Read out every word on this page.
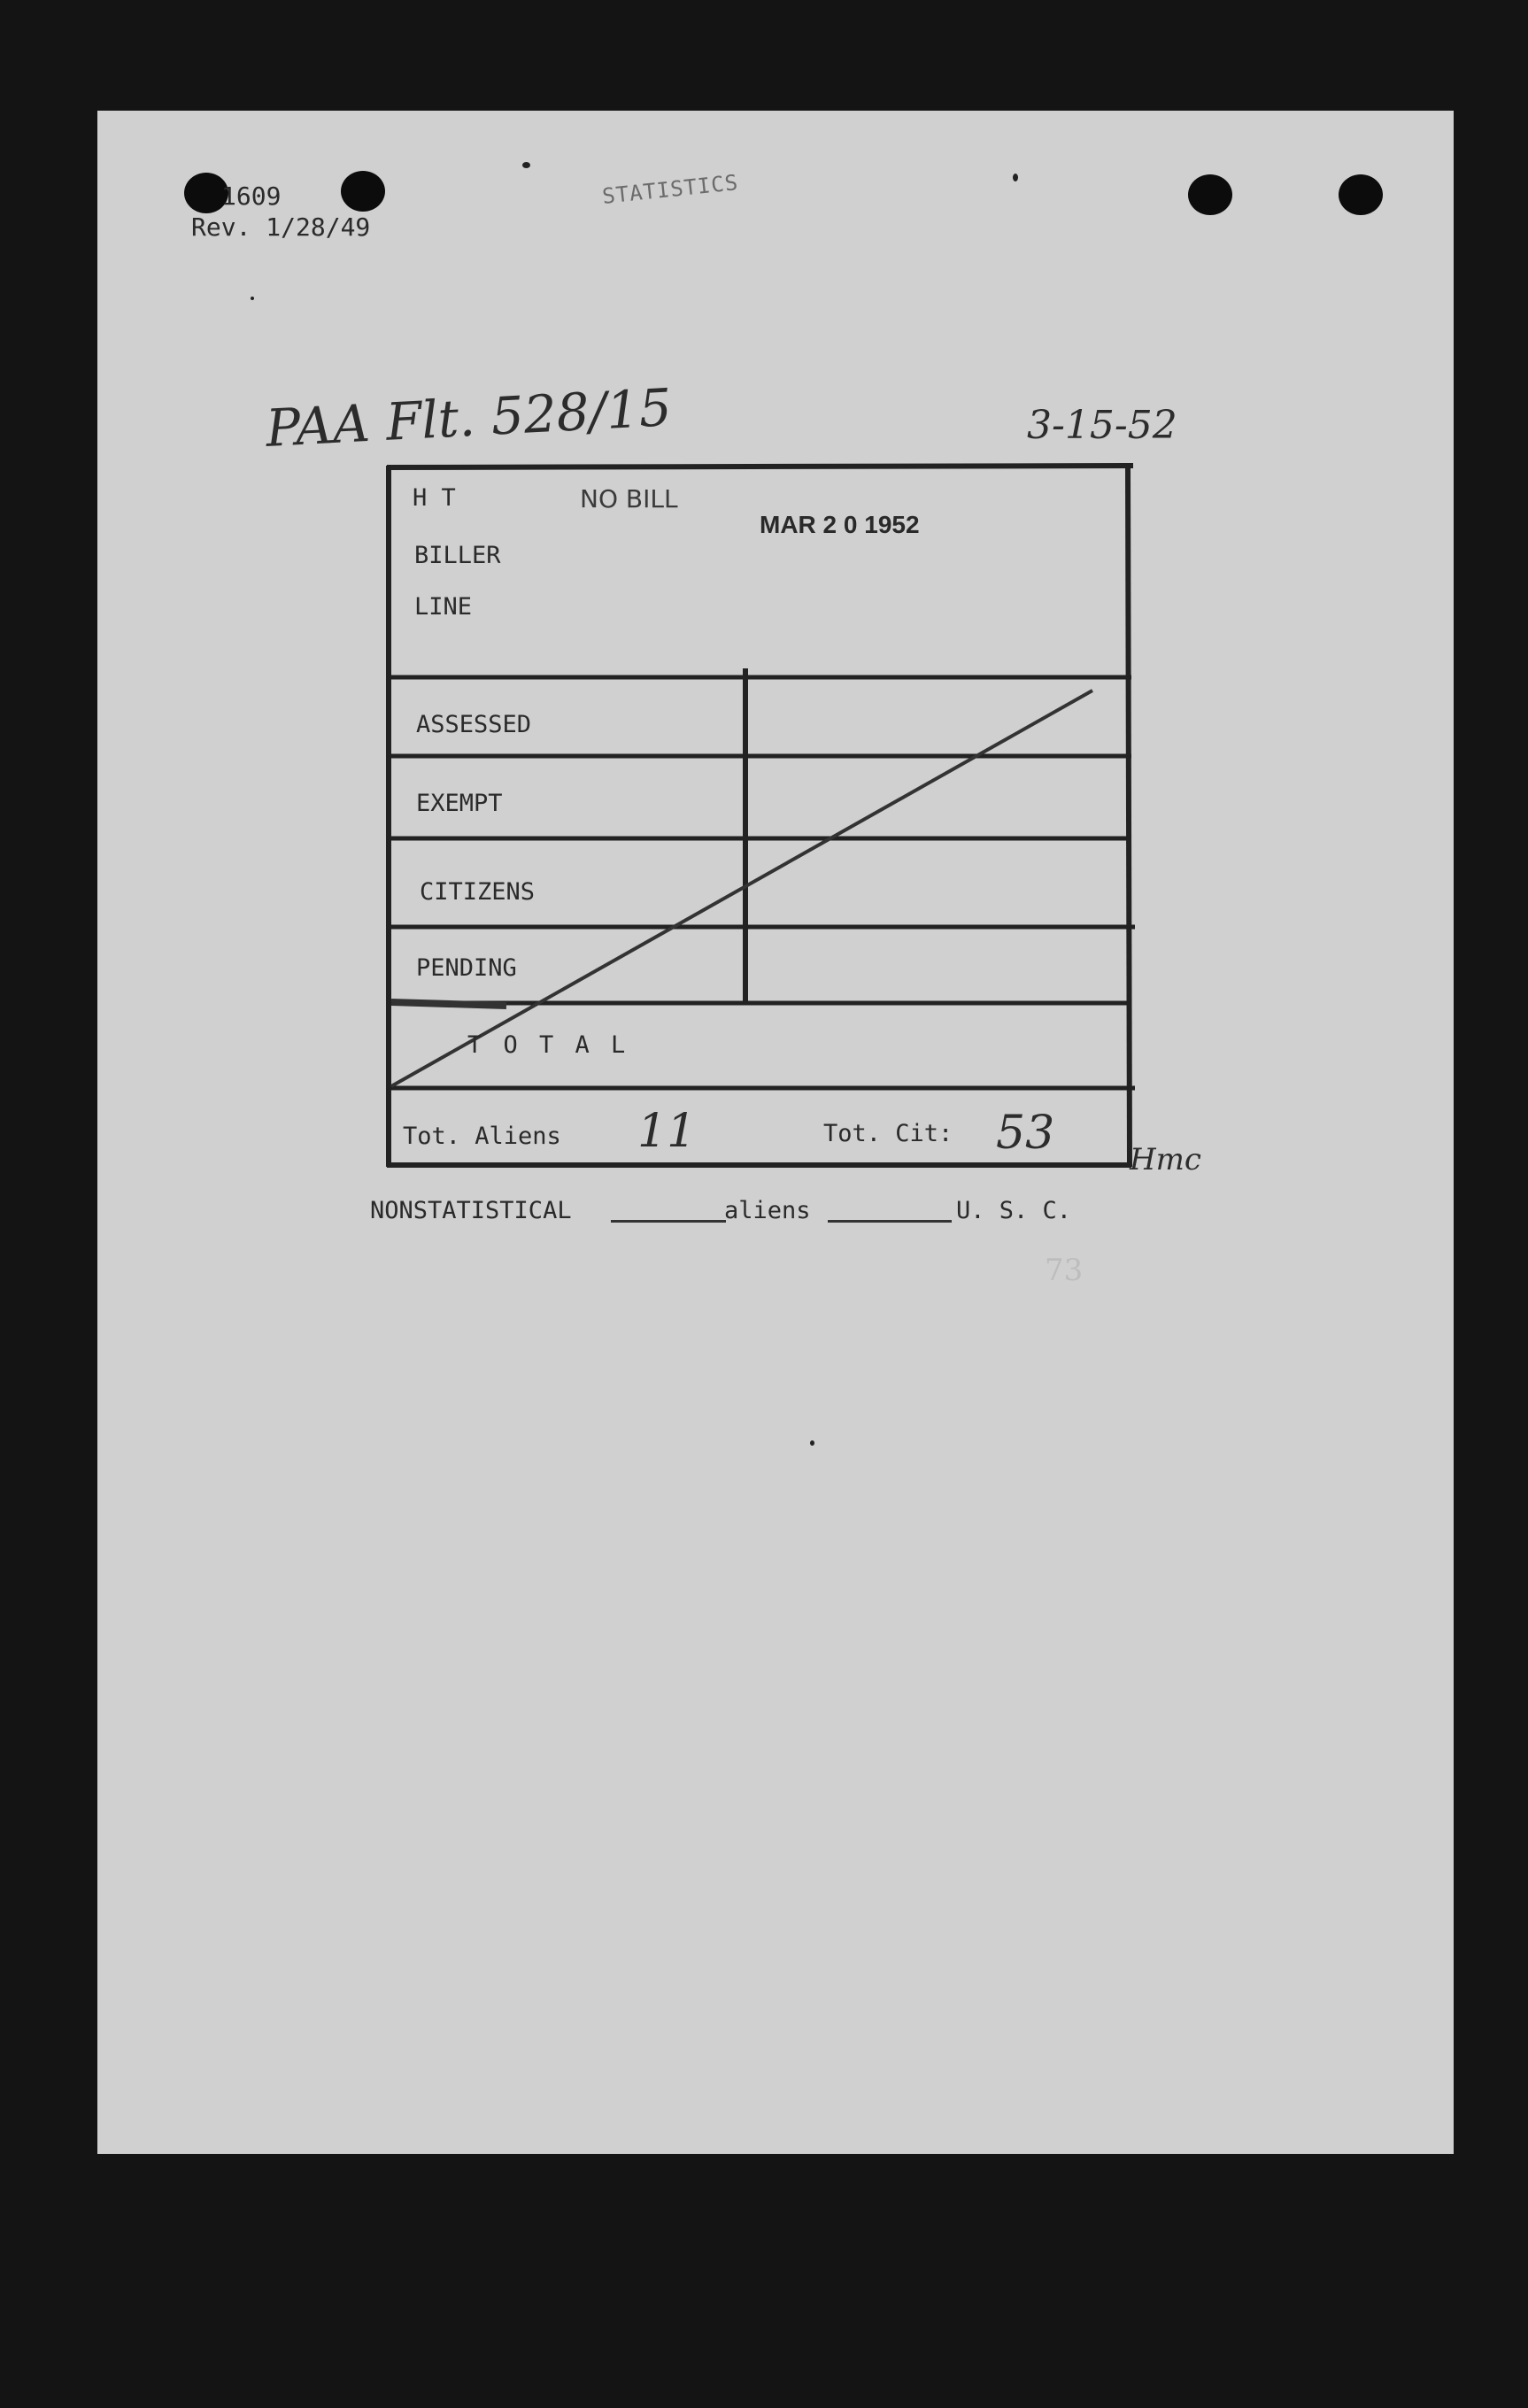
1609
Rev. 1/28/49
STATISTICS
PAA Flt. 528/15	3-15-52
H T	NO BILL
MAR 2 0 1952
BILLER
LINE
ASSESSED
EXEMPT
CITIZENS
PENDING
T O T A L
Tot. Aliens 11	Tot. Cit: 53 Hmc
NONSTATISTICAL	aliens	U. S. C.
73
